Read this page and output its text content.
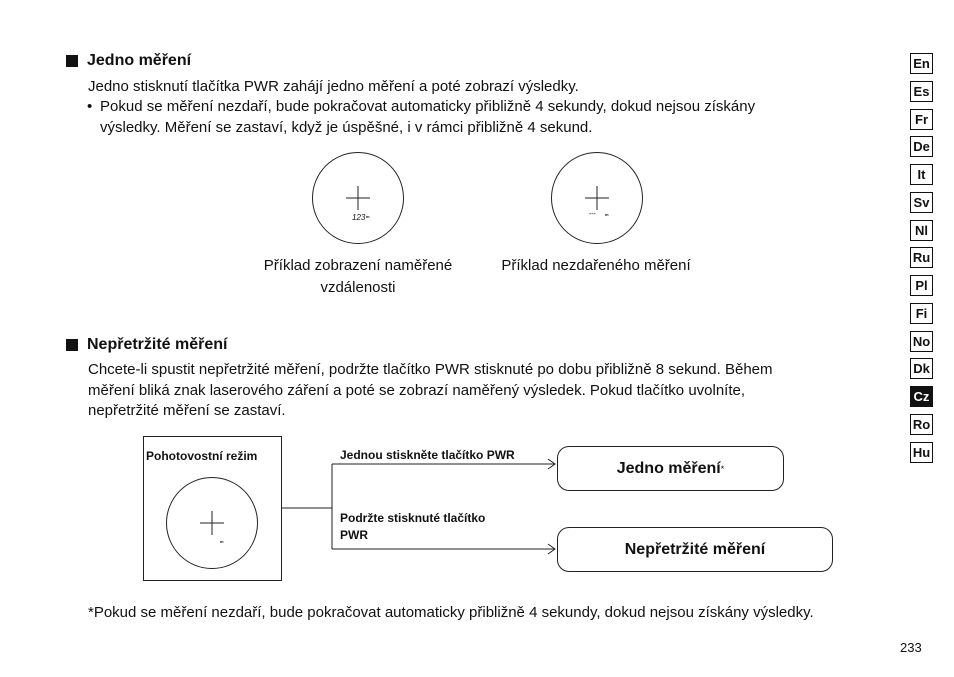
Jedno měření
Jedno stisknutí tlačítka PWR zahájí jedno měření a poté zobrazí výsledky.
• Pokud se měření nezdaří, bude pokračovat automaticky přibližně 4 sekundy, dokud nejsou získány
výsledky. Měření se zastaví, když je úspěšné, i v rámci přibližně 4 sekund.
123 m	- - -	m
Příklad zobrazení naměřené
vzdálenosti
Příklad nezdařeného měření
Nepřetržité měření
Chcete-li spustit nepřetržité měření, podržte tlačítko PWR stisknuté po dobu přibližně 8 sekund. Během
měření bliká znak laserového záření a poté se zobrazí naměřený výsledek. Pokud tlačítko uvolníte,
nepřetržité měření se zastaví.
Pohotovostní režim
m
Jednou stiskněte tlačítko PWR
Podržte stisknuté tlačítko
PWR
Jedno měření *
Nepřetržité měření
*Pokud se měření nezdaří, bude pokračovat automaticky přibližně 4 sekundy, dokud nejsou získány výsledky.
233
En
Es
Fr
De
It
Sv
Nl
Ru
Pl
Fi
No
Dk
Cz
Ro
Hu
